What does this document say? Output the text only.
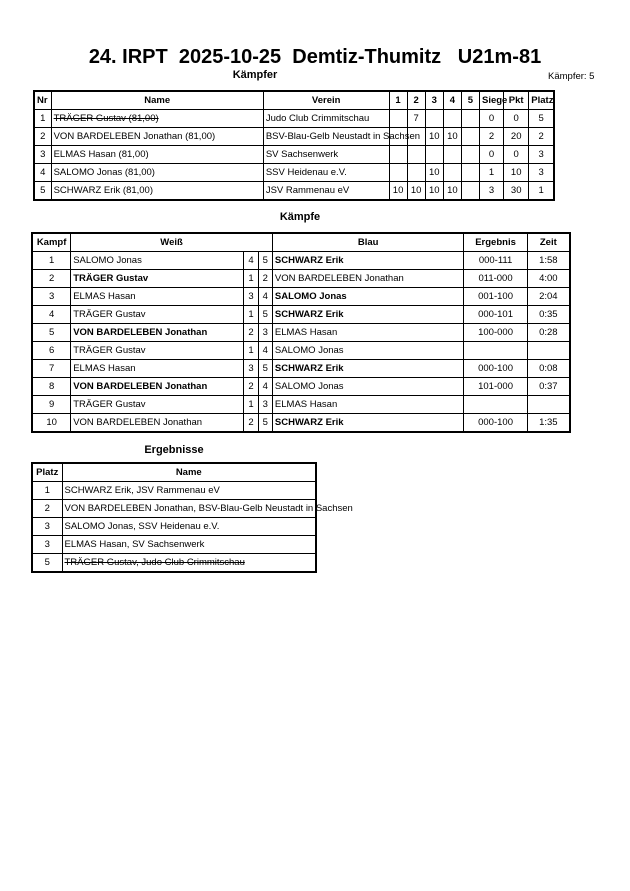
24. IRPT  2025-10-25  Demtiz-Thumitz   U21m-81
Kämpfer	Kämpfer: 5
Nr	Name	Verein	1	2	3	4	5	Siege	Pkt	Platz
1	TRÄGER Gustav (81,00)	Judo Club Crimmitschau		7				0	0	5
2	VON BARDELEBEN Jonathan (81,00)	BSV-Blau-Gelb Neustadt in Sachsen			10	10		2	20	2
3	ELMAS Hasan (81,00)	SV Sachsenwerk						0	0	3
4	SALOMO Jonas (81,00)	SSV Heidenau e.V.			10			1	10	3
5	SCHWARZ Erik (81,00)	JSV Rammenau eV	10	10	10	10		3	30	1
Kämpfe
Kampf	Weiß			Blau	Ergebnis	Zeit
1	SALOMO Jonas	4	5	SCHWARZ Erik	000-111	1:58
2	TRÄGER Gustav	1	2	VON BARDELEBEN Jonathan	011-000	4:00
3	ELMAS Hasan	3	4	SALOMO Jonas	001-100	2:04
4	TRÄGER Gustav	1	5	SCHWARZ Erik	000-101	0:35
5	VON BARDELEBEN Jonathan	2	3	ELMAS Hasan	100-000	0:28
6	TRÄGER Gustav	1	4	SALOMO Jonas		
7	ELMAS Hasan	3	5	SCHWARZ Erik	000-100	0:08
8	VON BARDELEBEN Jonathan	2	4	SALOMO Jonas	101-000	0:37
9	TRÄGER Gustav	1	3	ELMAS Hasan		
10	VON BARDELEBEN Jonathan	2	5	SCHWARZ Erik	000-100	1:35
Ergebnisse
Platz	Name
1	SCHWARZ Erik, JSV Rammenau eV
2	VON BARDELEBEN Jonathan, BSV-Blau-Gelb Neustadt in Sachsen
3	SALOMO Jonas, SSV Heidenau e.V.
3	ELMAS Hasan, SV Sachsenwerk
5	TRÄGER Gustav, Judo Club Crimmitschau
